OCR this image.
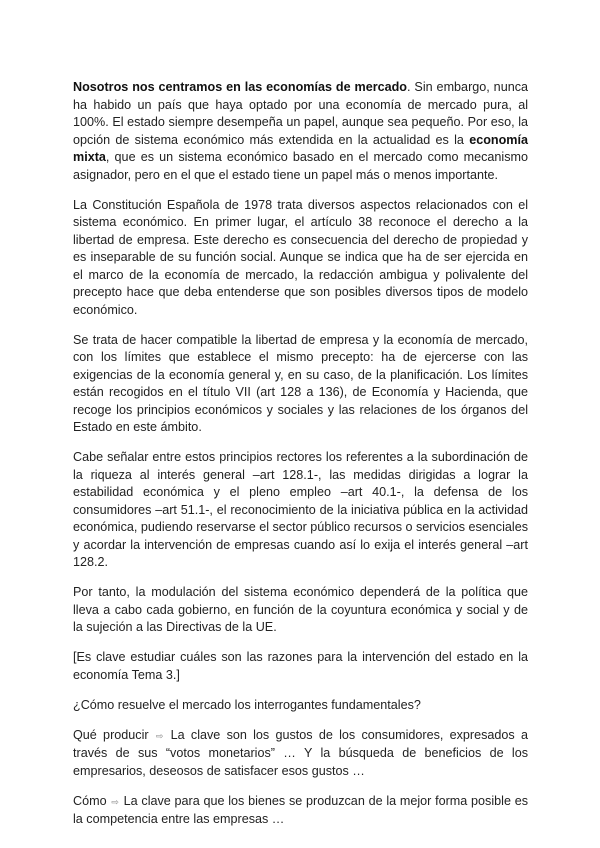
Nosotros nos centramos en las economías de mercado. Sin embargo, nunca ha habido un país que haya optado por una economía de mercado pura, al 100%. El estado siempre desempeña un papel, aunque sea pequeño. Por eso, la opción de sistema económico más extendida en la actualidad es la economía mixta, que es un sistema económico basado en el mercado como mecanismo asignador, pero en el que el estado tiene un papel más o menos importante.

La Constitución Española de 1978 trata diversos aspectos relacionados con el sistema económico. En primer lugar, el artículo 38 reconoce el derecho a la libertad de empresa. Este derecho es consecuencia del derecho de propiedad y es inseparable de su función social. Aunque se indica que ha de ser ejercida en el marco de la economía de mercado, la redacción ambigua y polivalente del precepto hace que deba entenderse que son posibles diversos tipos de modelo económico.

Se trata de hacer compatible la libertad de empresa y la economía de mercado, con los límites que establece el mismo precepto: ha de ejercerse con las exigencias de la economía general y, en su caso, de la planificación. Los límites están recogidos en el título VII (art 128 a 136), de Economía y Hacienda, que recoge los principios económicos y sociales y las relaciones de los órganos del Estado en este ámbito.

Cabe señalar entre estos principios rectores los referentes a la subordinación de la riqueza al interés general –art 128.1-, las medidas dirigidas a lograr la estabilidad económica y el pleno empleo –art 40.1-, la defensa de los consumidores –art 51.1-, el reconocimiento de la iniciativa pública en la actividad económica, pudiendo reservarse el sector público recursos o servicios esenciales y acordar la intervención de empresas cuando así lo exija el interés general –art 128.2.

Por tanto, la modulación del sistema económico dependerá de la política que lleva a cabo cada gobierno, en función de la coyuntura económica y social y de la sujeción a las Directivas de la UE.

[Es clave estudiar cuáles son las razones para la intervención del estado en la economía Tema 3.]

¿Cómo resuelve el mercado los interrogantes fundamentales?

Qué producir ⇨ La clave son los gustos de los consumidores, expresados a través de sus “votos monetarios” … Y la búsqueda de beneficios de los empresarios, deseosos de satisfacer esos gustos …

Cómo ⇨ La clave para que los bienes se produzcan de la mejor forma posible es la competencia entre las empresas …
